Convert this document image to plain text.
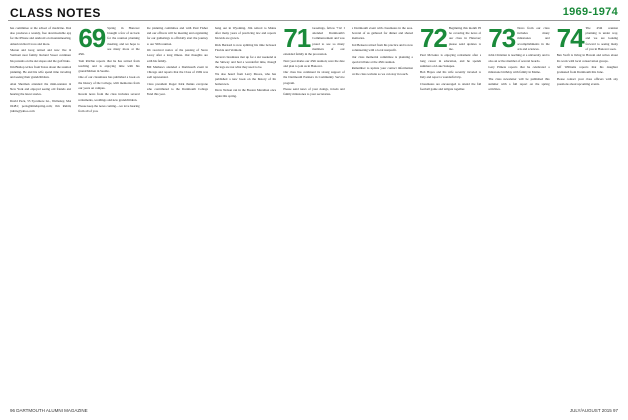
CLASS NOTES	1969-1974

has committee at the school of medicine. Dan also produces a weekly, free downloadable app for the iPhone and Android on mountaineering, American Red Cross and more.

Sharon and Greg retired and now live in Vermont near family. Roland Sweet continues his pursuits on the ski slopes and the golf links.

Jim Bishop writes from Texas about the reunion planning. He and his wife spend time traveling and seeing their grandchildren.

Alan Sherman attended the mini-reunion in New York and enjoyed seeing old friends and hearing the latest stories.

David Peck, 55 Sycamore Ln., Wellesley, MA 02481; peck@mindspring.com; Jim Rubin; jrubin@yahoo.com

69 Spring in Hanover brought a few of us back for the reunion planning meeting, and we hope to see many more at the 45th.

Tom Ritchie reports that he has retired from teaching and is enjoying time with his grandchildren in Seattle.

One of our classmates has published a book on the history of the College, with memories from our years on campus.

Recent news from the class includes several retirements, weddings and new grandchildren.

Please keep the notes coming—we love hearing from all of you.

the planning committee and with Paul Fisher and our officers will be meeting and organizing for our gatherings to officially start the journey to our 50th reunion.

We received notice of the passing of Steve Lacey after a long illness. Our thoughts are with his family.

Bill Mathews attended a Dartmouth event in Chicago and reports that the Class of 1969 was well represented.

Class president Roger Kirk thanks everyone who contributed to the Dartmouth College Fund this year.

hang out in Wyoming. Jim retired to Maine after many years of practicing law and reports his kids are grown.

Rick Bernard is now splitting his time between Florida and Vermont.

Several classmates met up for a ski weekend at the Skiway and had a wonderful time, though the legs are not what they used to be.

We also heard from Larry Moore, who has published a new book on the history of his hometown.

Drew Nelson ran in the Boston Marathon once again this spring.

71 Greetings, fellow '71s! I attended Dartmouth's Commencement and was proud to see so many members of our extended family in the procession.

Next year marks our 45th reunion; save the date and plan to join us in Hanover.

Our class has continued its strong support of the Dartmouth Partners in Community Service program.

Please send news of your doings, travels and family milestones to your secretaries.

a Dartmouth event with classmates in the area. Several of us gathered for dinner and shared memories.

Ted Benson retired from his practice and is now volunteering with a local nonprofit.

Our class memorial committee is planning a special tribute at the 45th reunion.

Remember to update your contact information on the class website so we can stay in touch.

72 Beginning this month I'll be covering the news of our class in Hanover; please send updates to me.

Paul McGuire is enjoying retirement after a long career in education, and he spends summers on Lake Sunapee.

Bob Hayes and his wife recently traveled to Italy and report a wonderful trip.

Classmates are encouraged to attend the fall football game and tailgate together.

73 News from our class includes many milestones and accomplishments in the arts and sciences.

John Christian is teaching at a university and is also an active member of several boards.

Gary Pimeta reports that he celebrated a milestone birthday with family in Maine.

The class newsletter will be published this summer with a full report on the spring activities.

74 The 45th reunion planning is under way, and we are looking forward to seeing many of you in Hanover soon.

Ben Swift is living in Hawaii and writes about his work with local conservation groups.

Jeff Williams reports that his daughter graduated from Dartmouth this June.

Please contact your class officers with any questions about upcoming events.

96 DARTMOUTH ALUMNI MAGAZINE	JULY/AUGUST 2015 97
